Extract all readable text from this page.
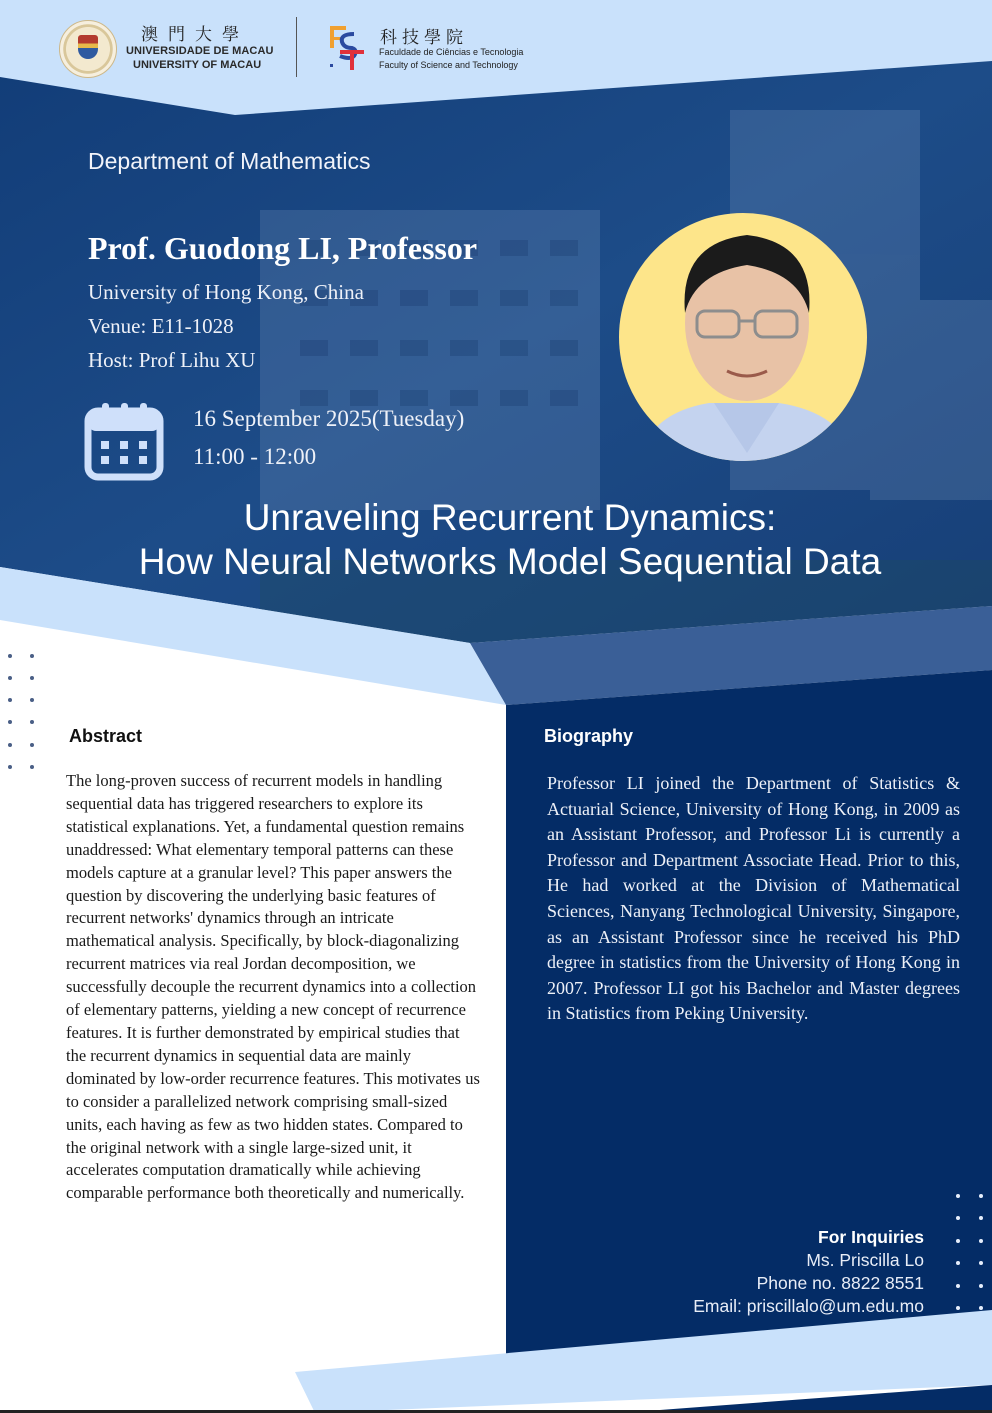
澳門大學
UNIVERSIDADE DE MACAU
UNIVERSITY OF MACAU
科技學院
Faculdade de Ciências e Tecnologia
Faculty of Science and Technology
Department of Mathematics
Prof. Guodong LI, Professor
University of Hong Kong, China
Venue: E11-1028
Host: Prof Lihu XU
16 September 2025(Tuesday)
11:00 - 12:00
Unraveling Recurrent Dynamics:
How Neural Networks Model Sequential Data
Abstract
The long-proven success of recurrent models in handling sequential data has triggered researchers to explore its statistical explanations. Yet, a fundamental question remains unaddressed: What elementary temporal patterns can these models capture at a granular level? This paper answers the question by discovering the underlying basic features of recurrent networks' dynamics through an intricate mathematical analysis. Specifically, by block-diagonalizing recurrent matrices via real Jordan decomposition, we successfully decouple the recurrent dynamics into a collection of elementary patterns, yielding a new concept of recurrence features. It is further demonstrated by empirical studies that the recurrent dynamics in sequential data are mainly dominated by low-order recurrence features. This motivates us to consider a parallelized network comprising small-sized units, each having as few as two hidden states. Compared to the original network with a single large-sized unit, it accelerates computation dramatically while achieving comparable performance both theoretically and numerically.
Biography
Professor LI joined the Department of Statistics & Actuarial Science, University of Hong Kong, in 2009 as an Assistant Professor, and Professor Li is currently a Professor and Department Associate Head. Prior to this, He had worked at the Division of Mathematical Sciences, Nanyang Technological University, Singapore, as an Assistant Professor since he received his PhD degree in statistics from the University of Hong Kong in 2007. Professor LI got his Bachelor and Master degrees in Statistics from Peking University.
For Inquiries
Ms. Priscilla Lo
Phone no. 8822 8551
Email: priscillalo@um.edu.mo
